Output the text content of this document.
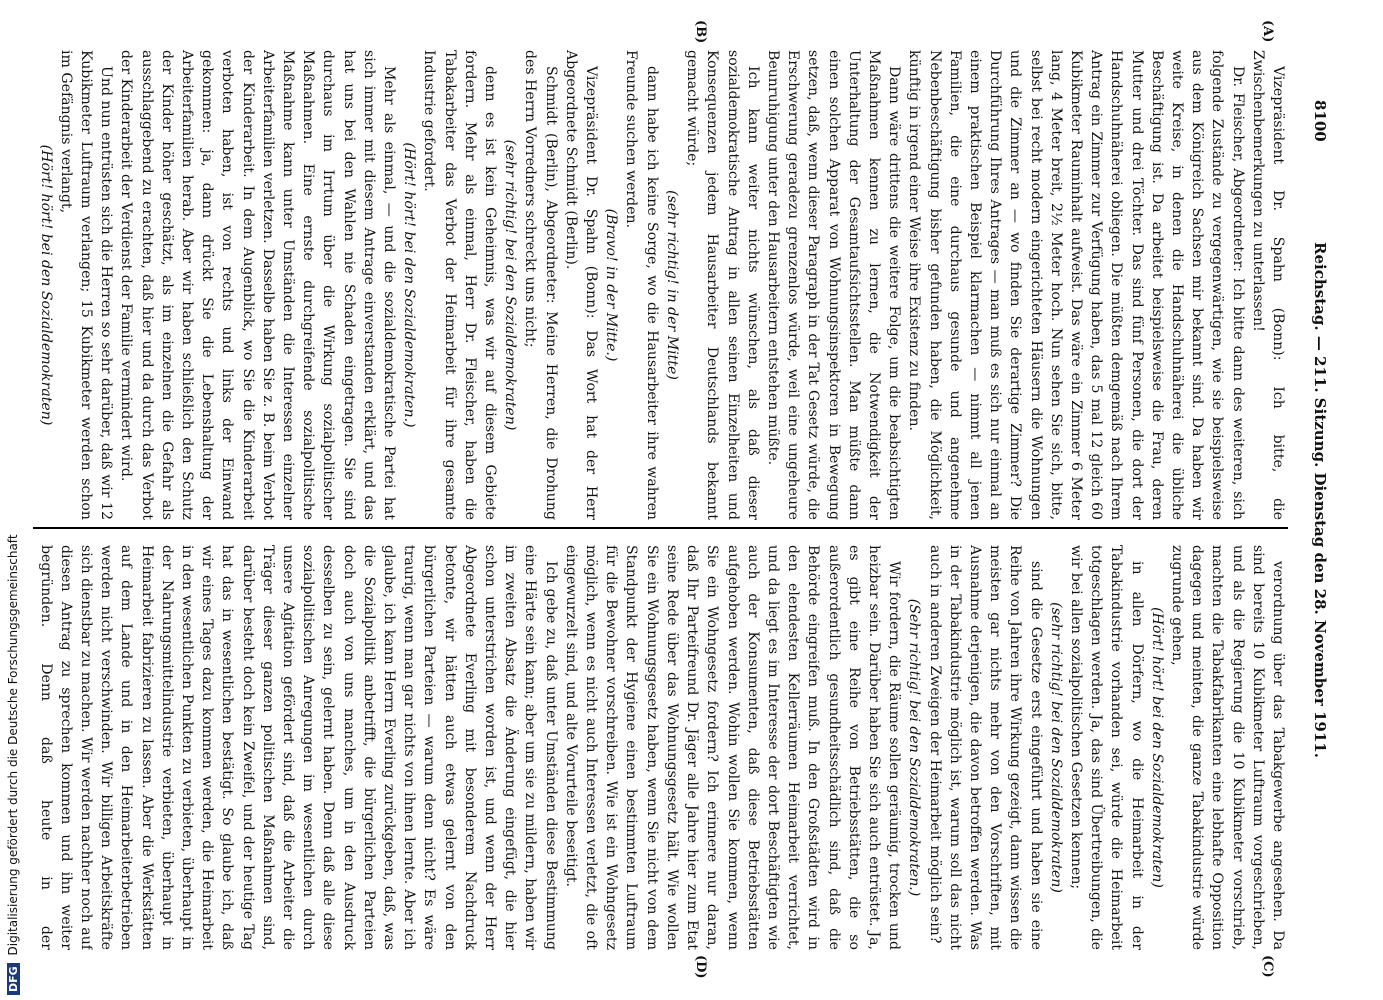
8100
Reichstag. — 211. Sitzung. Dienstag den 28. November 1911.
(A)
(B)
(C)
(D)

Vizepräsident Dr. Spahn (Bonn): Ich bitte, die Zwischenbemerkungen zu unterlassen!

Dr. Fleischer, Abgeordneter: Ich bitte dann des weiteren, sich folgende Zustände zu vergegenwärtigen, wie sie beispielsweise aus dem Königreich Sachsen mir bekannt sind. Da haben wir weite Kreise, in denen die Handschuhnäherei die übliche Beschäftigung ist. Da arbeitet beispielsweise die Frau, deren Mutter und drei Töchter. Das sind fünf Personen, die dort der Handschuhnäherei obliegen. Die müßten demgemäß nach Ihrem Antrag ein Zimmer zur Verfügung haben, das 5 mal 12 gleich 60 Kubikmeter Rauminhalt aufweist. Das wäre ein Zimmer 6 Meter lang, 4 Meter breit, 2½ Meter hoch. Nun sehen Sie sich, bitte, selbst bei recht modern eingerichteten Häusern die Wohnungen und die Zimmer an — wo finden Sie derartige Zimmer? Die Durchführung Ihres Antrages — man muß es sich nur einmal an einem praktischen Beispiel klarmachen — nimmt all jenen Familien, die eine durchaus gesunde und angenehme Nebenbeschäftigung bisher gefunden haben, die Möglichkeit, künftig in irgend einer Weise ihre Existenz zu finden.

Dann wäre drittens die weitere Folge, um die beabsichtigten Maßnahmen kennen zu lernen, die Notwendigkeit der Unterhaltung der Gesamtaufsichtsstellen. Man müßte dann einen solchen Apparat von Wohnungsinspektoren in Bewegung setzen, daß, wenn dieser Paragraph in der Tat Gesetz würde, die Erschwerung geradezu grenzenlos würde, weil eine ungeheure Beunruhigung unter den Hausarbeitern entstehen müßte.

Ich kann weiter nichts wünschen, als daß dieser sozialdemokratische Antrag in allen seinen Einzelheiten und Konsequenzen jedem Hausarbeiter Deutschlands bekannt gemacht würde;

(sehr richtig! in der Mitte)

dann habe ich keine Sorge, wo die Hausarbeiter ihre wahren Freunde suchen werden.

(Bravo! in der Mitte.)

Vizepräsident Dr. Spahn (Bonn): Das Wort hat der Herr Abgeordnete Schmidt (Berlin).

Schmidt (Berlin), Abgeordneter: Meine Herren, die Drohung des Herrn Vorredners schreckt uns nicht;

(sehr richtig! bei den Sozialdemokraten)

denn es ist kein Geheimnis, was wir auf diesem Gebiete fordern. Mehr als einmal, Herr Dr. Fleischer, haben die Tabakarbeiter das Verbot der Heimarbeit für ihre gesamte Industrie gefordert.

(Hört! hört! bei den Sozialdemokraten.)

Mehr als einmal, — und die sozialdemokratische Partei hat sich immer mit diesem Antrage einverstanden erklärt, und das hat uns bei den Wahlen nie Schaden eingetragen. Sie sind durchaus im Irrtum über die Wirkung sozialpolitischer Maßnahmen. Eine ernste durchgreifende sozialpolitische Maßnahme kann unter Umständen die Interessen einzelner Arbeiterfamilien verletzen. Dasselbe haben Sie z. B. beim Verbot der Kinderarbeit. In dem Augenblick, wo Sie die Kinderarbeit verboten haben, ist von rechts und links der Einwand gekommen: ja, dann drückt Sie die Lebenshaltung der Arbeiterfamilien herab. Aber wir haben schließlich den Schutz der Kinder höher geschätzt, als im einzelnen die Gefahr als ausschlaggebend zu erachten, daß hier und da durch das Verbot der Kinderarbeit der Verdienst der Familie vermindert wird.

Und nun entrüsten sich die Herren so sehr darüber, daß wir 12 Kubikmeter Luftraum verlangen; 15 Kubikmeter werden schon im Gefängnis verlangt,

(Hört! hört! bei den Sozialdemokraten)

verordnung über das Tabakgewerbe angesehen. Da sind bereits 10 Kubikmeter Luftraum vorgeschrieben, und als die Regierung die 10 Kubikmeter vorschrieb, machten die Tabakfabrikanten eine lebhafte Opposition dagegen und meinten, die ganze Tabakindustrie würde zugrunde gehen,

(Hört! hört! bei den Sozialdemokraten)

in allen Dörfern, wo die Heimarbeit in der Tabakindustrie vorhanden sei, würde die Heimarbeit totgeschlagen werden. Ja, das sind Übertreibungen, die wir bei allen sozialpolitischen Gesetzen kennen;

(sehr richtig! bei den Sozialdemokraten)

sind die Gesetze erst eingeführt und haben sie eine Reihe von Jahren ihre Wirkung gezeigt, dann wissen die meisten gar nichts mehr von den Vorschriften, mit Ausnahme derjenigen, die davon betroffen werden. Was in der Tabakindustrie möglich ist, warum soll das nicht auch in anderen Zweigen der Heimarbeit möglich sein?

(Sehr richtig! bei den Sozialdemokraten.)

Wir fordern, die Räume sollen geräumig, trocken und heizbar sein. Darüber haben Sie sich auch entrüstet. Ja, es gibt eine Reihe von Betriebsstätten, die so außerordentlich gesundheitsschädlich sind, daß die Behörde eingreifen muß. In den Großstädten wird in den elendesten Kellerräumen Heimarbeit verrichtet, und da liegt es im Interesse der dort Beschäftigten wie auch der Konsumenten, daß diese Betriebsstätten aufgehoben werden. Wohin wollen Sie kommen, wenn Sie ein Wohngesetz fordern? Ich erinnere nur daran, daß Ihr Parteifreund Dr. Jäger alle Jahre hier zum Etat seine Rede über das Wohnungsgesetz hält. Wie wollen Sie ein Wohnungsgesetz haben, wenn Sie nicht von dem Standpunkt der Hygiene einen bestimmten Luftraum für die Bewohner vorschreiben. Wie ist ein Wohngesetz möglich, wenn es nicht auch Interessen verletzt, die oft eingewurzelt sind, und alte Vorurteile beseitigt.

Ich gebe zu, daß unter Umständen diese Bestimmung eine Härte sein kann; aber um sie zu mildern, haben wir im zweiten Absatz die Änderung eingefügt, die hier schon unterstrichen worden ist, und wenn der Herr Abgeordnete Everling mit besonderem Nachdruck betonte, wir hätten auch etwas gelernt von den bürgerlichen Parteien — warum denn nicht? Es wäre traurig, wenn man gar nichts von ihnen lernte. Aber ich glaube, ich kann Herrn Everling zurückgeben, daß, was die Sozialpolitik anbetrifft, die bürgerlichen Parteien doch auch von uns manches, um in den Ausdruck desselben zu sein, gelernt haben. Denn daß alle diese sozialpolitischen Anregungen im wesentlichen durch unsere Agitation gefördert sind, daß die Arbeiter die Träger dieser ganzen politischen Maßnahmen sind, darüber besteht doch kein Zweifel, und der heutige Tag hat das in wesentlichen bestätigt. So glaube ich, daß wir eines Tages dazu kommen werden, die Heimarbeit in den wesentlichen Punkten zu verbieten, überhaupt in der Nahrungsmittelindustrie verbieten, überhaupt in Heimarbeit fabrizieren zu lassen. Aber die Werkstätten auf dem Lande und in den Heimarbeiterbetrieben werden nicht verschwinden. Wir billigen Arbeitskräfte sich dienstbar zu machen. Wir werden nachher noch auf diesen Antrag zu sprechen kommen und ihn weiter begründen. Denn daß heute in der

DFG Digitalisierung gefördert durch die Deutsche Forschungsgemeinschaft
